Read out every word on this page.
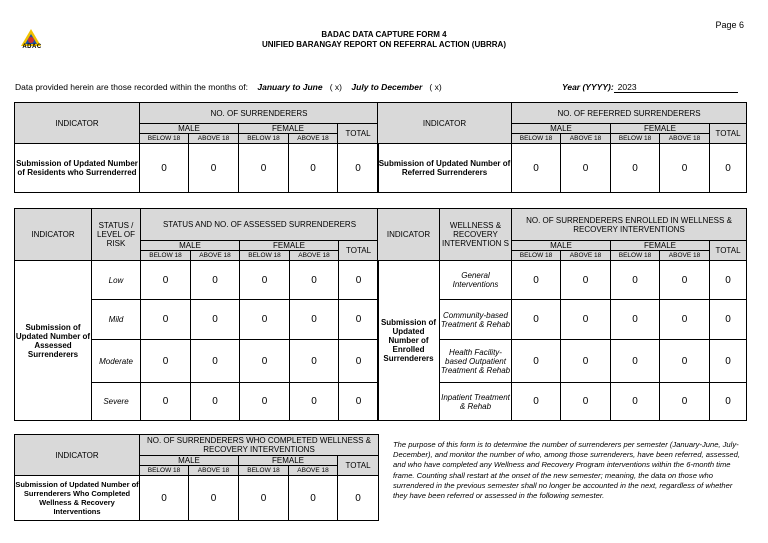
ADAC
Page 6
BADAC DATA CAPTURE FORM 4
UNIFIED BARANGAY REPORT ON REFERRAL ACTION (UBRRA)
Data provided herein are those recorded within the months of: January to June ( x) July to December ( x)	Year (YYYY): 2023
INDICATOR	NO. OF SURRENDERERS				
	MALE		FEMALE		TOTAL
	BELOW 18	ABOVE 18	BELOW 18	ABOVE 18	
Submission of Updated Number of Residents who Surrenderred	0	0	0	0	0
INDICATOR	NO. OF REFERRED SURRENDERERS				
	MALE		FEMALE		TOTAL
	BELOW 18	ABOVE 18	BELOW 18	ABOVE 18	
Submission of Updated Number of Referred Surrenderers	0	0	0	0	0
INDICATOR	STATUS / LEVEL OF RISK	STATUS AND NO. OF ASSESSED SURRENDERERS				
		MALE		FEMALE		TOTAL
		BELOW 18	ABOVE 18	BELOW 18	ABOVE 18	
Submission of Updated Number of Assessed Surrenderers	Low	0	0	0	0	0
	Mild	0	0	0	0	0
	Moderate	0	0	0	0	0
	Severe	0	0	0	0	0
INDICATOR	WELLNESS & RECOVERY INTERVENTION S	NO. OF SURRENDERERS ENROLLED IN WELLNESS & RECOVERY INTERVENTIONS				
		MALE		FEMALE		TOTAL
		BELOW 18	ABOVE 18	BELOW 18	ABOVE 18	
Submission of Updated Number of Enrolled Surrenderers	General Interventions	0	0	0	0	0
	Community-based Treatment & Rehab	0	0	0	0	0
	Health Facility-based Outpatient Treatment & Rehab	0	0	0	0	0
	Inpatient Treatment & Rehab	0	0	0	0	0
INDICATOR	NO. OF SURRENDERERS WHO COMPLETED WELLNESS & RECOVERY INTERVENTIONS				
	MALE		FEMALE		TOTAL
	BELOW 18	ABOVE 18	BELOW 18	ABOVE 18	
Submission of Updated Number of Surrenderers Who Completed Wellness & Recovery Interventions	0	0	0	0	0
The purpose of this form is to determine the number of surrenderers per semester (January-June, July-December), and monitor the number of who, among those surrenderers, have been referred, assessed, and who have completed any Wellness and Recovery Program interventions within the 6-month time frame. Counting shall restart at the onset of the new semester; meaning, the data on those who surrendered in the previous semester shall no longer be accounted in the next, regardless of whether they have been referred or assessed in the following semester.
